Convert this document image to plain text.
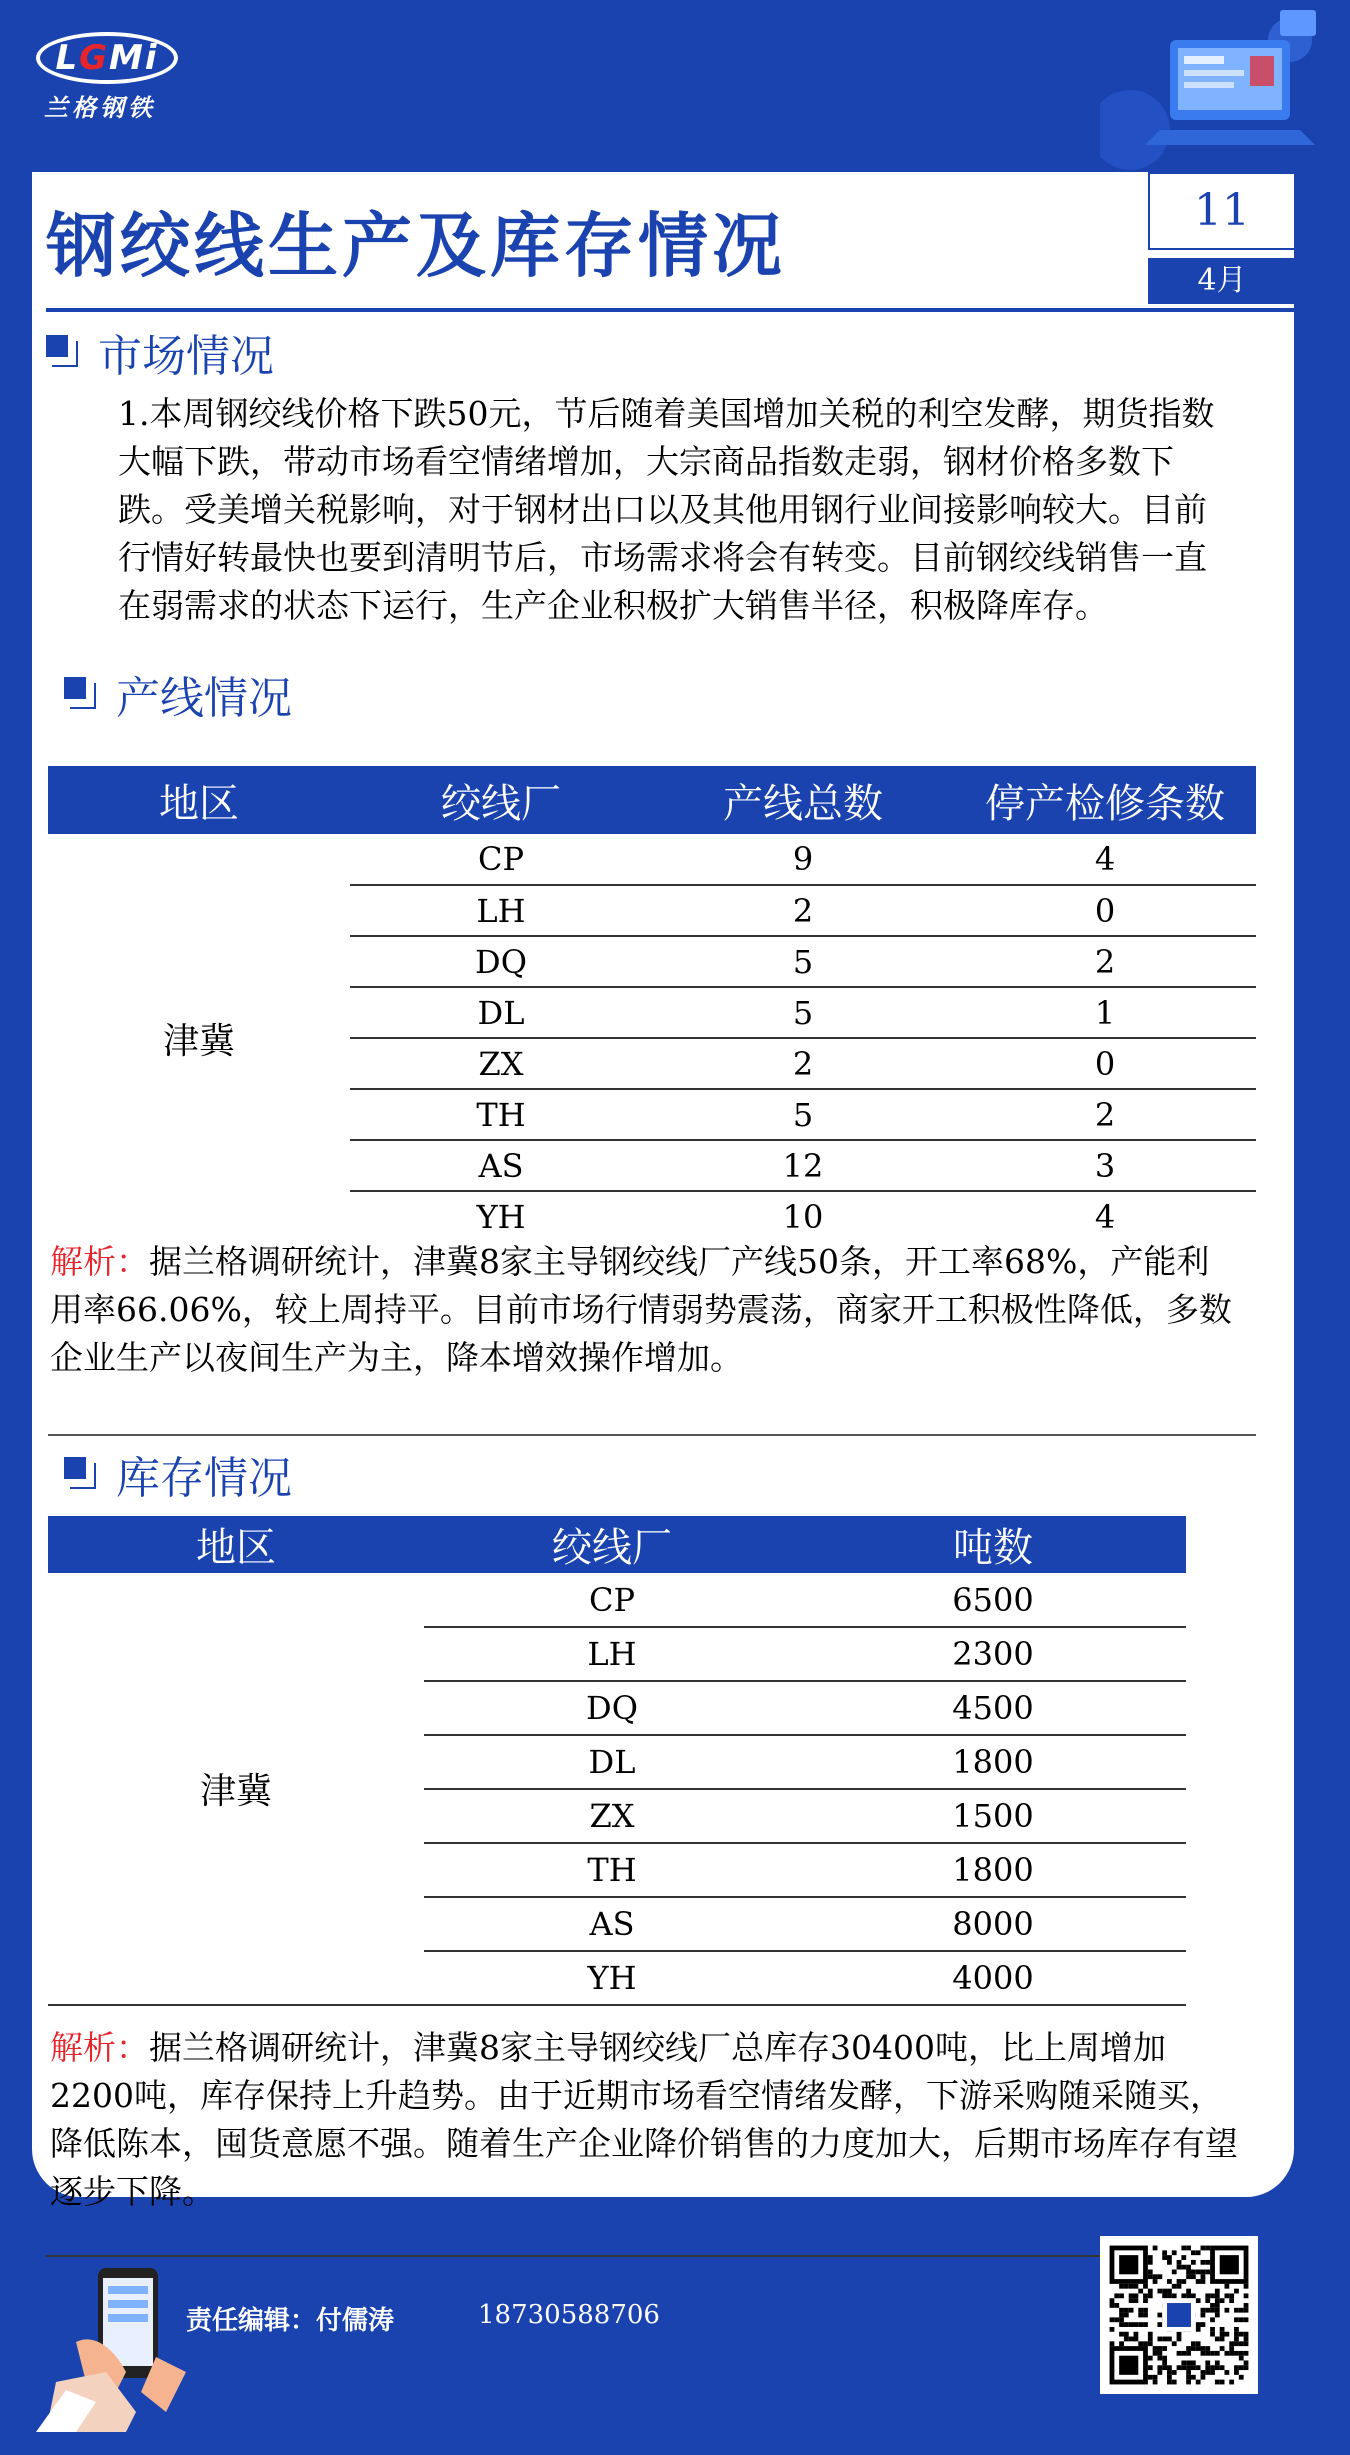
LGMi
兰格钢铁
钢绞线生产及库存情况	11
4月
市场情况
1.本周钢绞线价格下跌50元，节后随着美国增加关税的利空发酵，期货指数大幅下跌，带动市场看空情绪增加，大宗商品指数走弱，钢材价格多数下跌。受美增关税影响，对于钢材出口以及其他用钢行业间接影响较大。目前行情好转最快也要到清明节后，市场需求将会有转变。目前钢绞线销售一直在弱需求的状态下运行，生产企业积极扩大销售半径，积极降库存。
产线情况
地区	绞线厂	产线总数	停产检修条数
津冀	CP	9	4
	LH	2	0
	DQ	5	2
	DL	5	1
	ZX	2	0
	TH	5	2
	AS	12	3
	YH	10	4
解析：据兰格调研统计，津冀8家主导钢绞线厂产线50条，开工率68%，产能利用率66.06%，较上周持平。目前市场行情弱势震荡，商家开工积极性降低，多数企业生产以夜间生产为主，降本增效操作增加。
库存情况
地区	绞线厂	吨数
津冀	CP	6500
	LH	2300
	DQ	4500
	DL	1800
	ZX	1500
	TH	1800
	AS	8000
	YH	4000
解析：据兰格调研统计，津冀8家主导钢绞线厂总库存30400吨，比上周增加2200吨，库存保持上升趋势。由于近期市场看空情绪发酵，下游采购随采随买，降低陈本，囤货意愿不强。随着生产企业降价销售的力度加大，后期市场库存有望逐步下降。
责任编辑：付儒涛	18730588706
